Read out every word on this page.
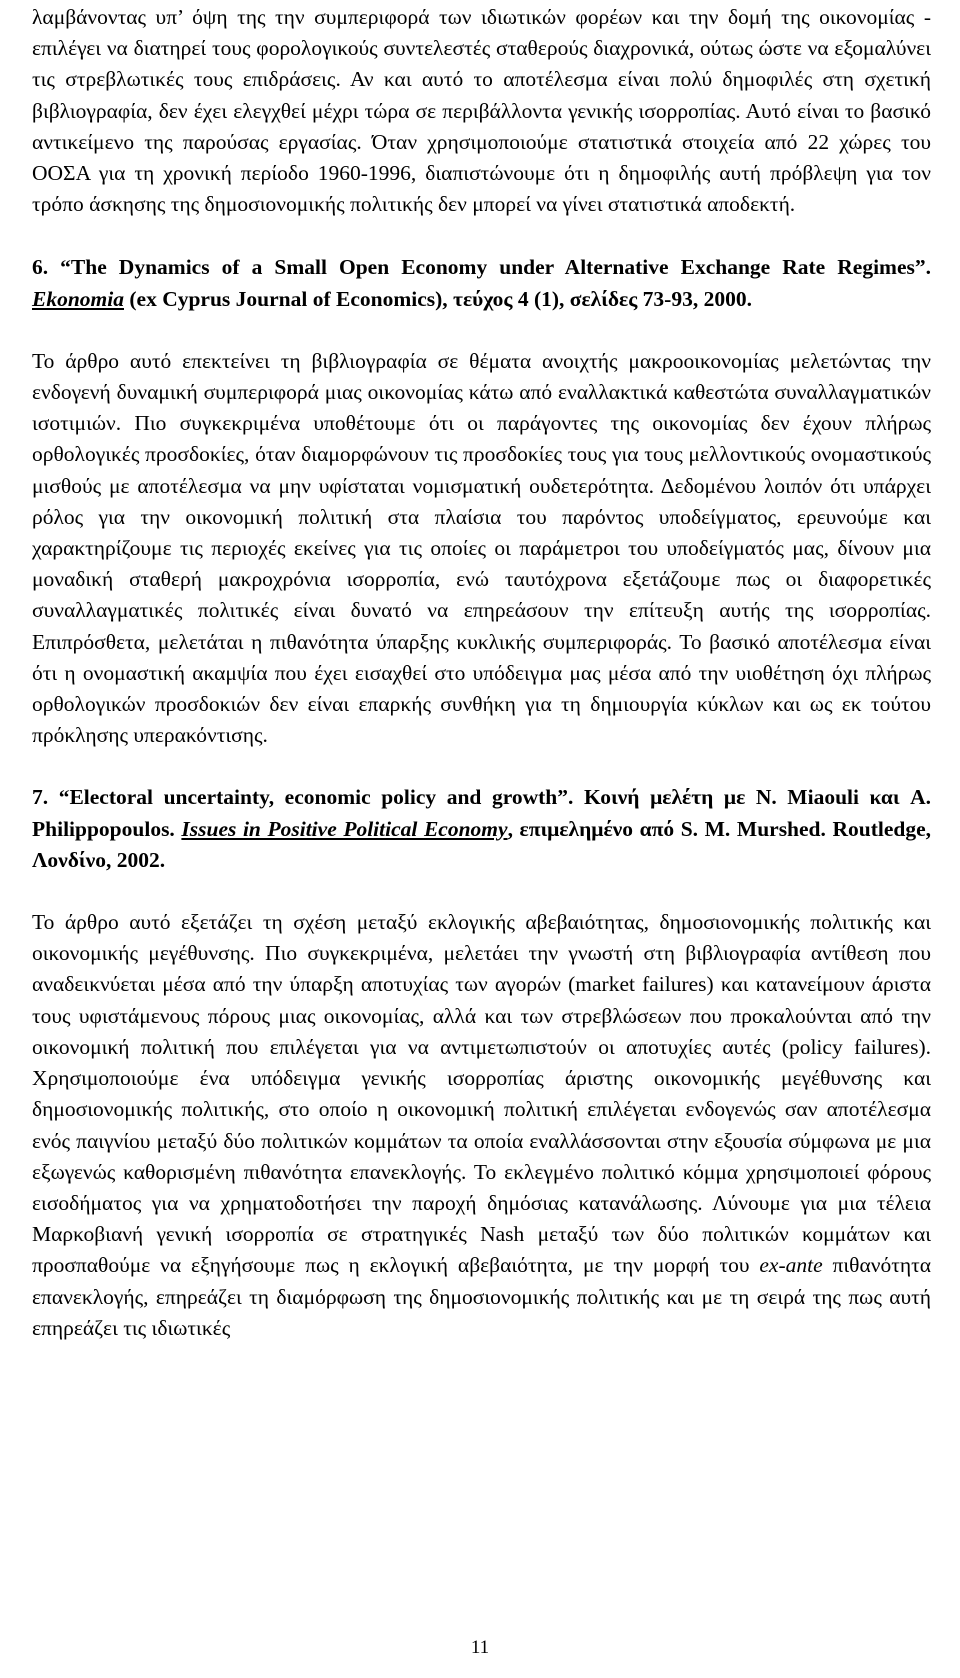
λαμβάνοντας υπ’ όψη της την συμπεριφορά των ιδιωτικών φορέων και την δομή της οικονομίας - επιλέγει να διατηρεί τους φορολογικούς συντελεστές σταθερούς διαχρονικά, ούτως ώστε να εξομαλύνει τις στρεβλωτικές τους επιδράσεις. Αν και αυτό το αποτέλεσμα είναι πολύ δημοφιλές στη σχετική βιβλιογραφία, δεν έχει ελεγχθεί μέχρι τώρα σε περιβάλλοντα γενικής ισορροπίας. Αυτό είναι το βασικό αντικείμενο της παρούσας εργασίας. Όταν χρησιμοποιούμε στατιστικά στοιχεία από 22 χώρες του ΟΟΣΑ για τη χρονική περίοδο 1960-1996, διαπιστώνουμε ότι η δημοφιλής αυτή πρόβλεψη για τον τρόπο άσκησης της δημοσιονομικής πολιτικής δεν μπορεί να γίνει στατιστικά αποδεκτή.

6. “The Dynamics of a Small Open Economy under Alternative Exchange Rate Regimes”. Ekonomia (ex Cyprus Journal of Economics), τεύχος 4 (1), σελίδες 73-93, 2000.

Το άρθρο αυτό επεκτείνει τη βιβλιογραφία σε θέματα ανοιχτής μακροοικονομίας μελετώντας την ενδογενή δυναμική συμπεριφορά μιας οικονομίας κάτω από εναλλακτικά καθεστώτα συναλλαγματικών ισοτιμιών. Πιο συγκεκριμένα υποθέτουμε ότι οι παράγοντες της οικονομίας δεν έχουν πλήρως ορθολογικές προσδοκίες, όταν διαμορφώνουν τις προσδοκίες τους για τους μελλοντικούς ονομαστικούς μισθούς με αποτέλεσμα να μην υφίσταται νομισματική ουδετερότητα. Δεδομένου λοιπόν ότι υπάρχει ρόλος για την οικονομική πολιτική στα πλαίσια του παρόντος υποδείγματος, ερευνούμε και χαρακτηρίζουμε τις περιοχές εκείνες για τις οποίες οι παράμετροι του υποδείγματός μας, δίνουν μια μοναδική σταθερή μακροχρόνια ισορροπία, ενώ ταυτόχρονα εξετάζουμε πως οι διαφορετικές συναλλαγματικές πολιτικές είναι δυνατό να επηρεάσουν την επίτευξη αυτής της ισορροπίας. Επιπρόσθετα, μελετάται η πιθανότητα ύπαρξης κυκλικής συμπεριφοράς. Το βασικό αποτέλεσμα είναι ότι η ονομαστική ακαμψία που έχει εισαχθεί στο υπόδειγμα μας μέσα από την υιοθέτηση όχι πλήρως ορθολογικών προσδοκιών δεν είναι επαρκής συνθήκη για τη δημιουργία κύκλων και ως εκ τούτου πρόκλησης υπερακόντισης.

7. “Electoral uncertainty, economic policy and growth”. Κοινή μελέτη με N. Miaouli και A. Philippopoulos. Issues in Positive Political Economy, επιμελημένο από S. M. Murshed. Routledge, Λονδίνο, 2002.

Το άρθρο αυτό εξετάζει τη σχέση μεταξύ εκλογικής αβεβαιότητας, δημοσιονομικής πολιτικής και οικονομικής μεγέθυνσης. Πιο συγκεκριμένα, μελετάει την γνωστή στη βιβλιογραφία αντίθεση που αναδεικνύεται μέσα από την ύπαρξη αποτυχίας των αγορών (market failures) και κατανείμουν άριστα τους υφιστάμενους πόρους μιας οικονομίας, αλλά και των στρεβλώσεων που προκαλούνται από την οικονομική πολιτική που επιλέγεται για να αντιμετωπιστούν οι αποτυχίες αυτές (policy failures). Χρησιμοποιούμε ένα υπόδειγμα γενικής ισορροπίας άριστης οικονομικής μεγέθυνσης και δημοσιονομικής πολιτικής, στο οποίο η οικονομική πολιτική επιλέγεται ενδογενώς σαν αποτέλεσμα ενός παιγνίου μεταξύ δύο πολιτικών κομμάτων τα οποία εναλλάσσονται στην εξουσία σύμφωνα με μια εξωγενώς καθορισμένη πιθανότητα επανεκλογής. Το εκλεγμένο πολιτικό κόμμα χρησιμοποιεί φόρους εισοδήματος για να χρηματοδοτήσει την παροχή δημόσιας κατανάλωσης. Λύνουμε για μια τέλεια Μαρκοβιανή γενική ισορροπία σε στρατηγικές Nash μεταξύ των δύο πολιτικών κομμάτων και προσπαθούμε να εξηγήσουμε πως η εκλογική αβεβαιότητα, με την μορφή του ex-ante πιθανότητα επανεκλογής, επηρεάζει τη διαμόρφωση της δημοσιονομικής πολιτικής και με τη σειρά της πως αυτή επηρεάζει τις ιδιωτικές

11
